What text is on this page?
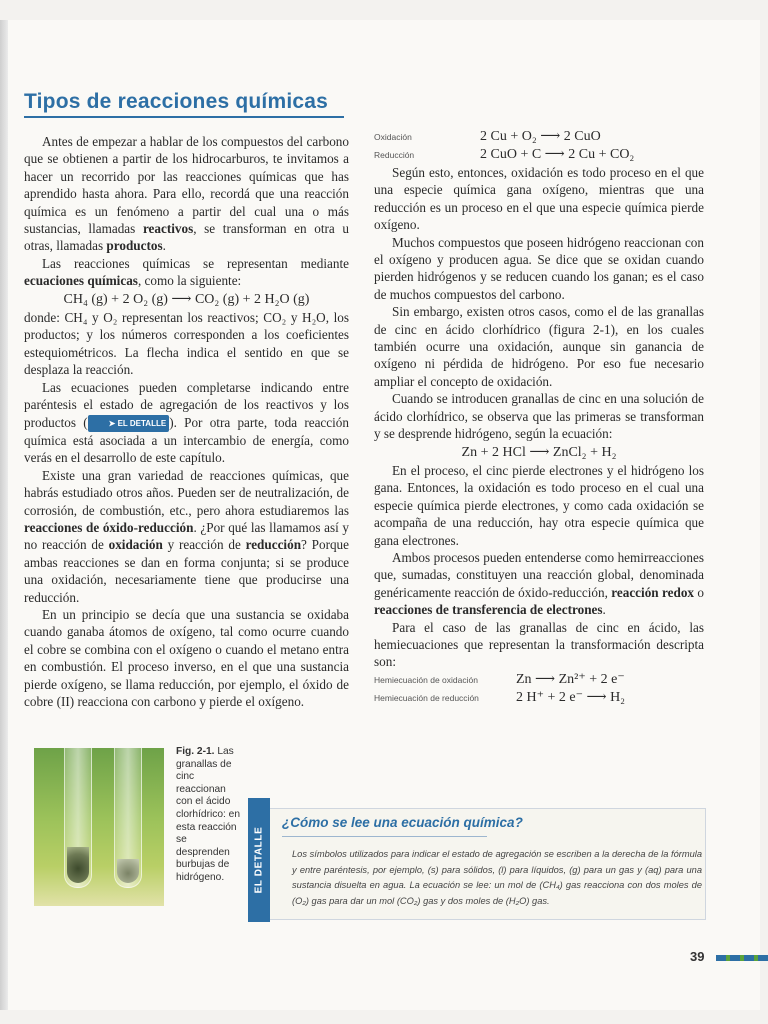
Tipos de reacciones químicas

Antes de empezar a hablar de los compuestos del carbono que se obtienen a partir de los hidrocarburos, te invitamos a hacer un recorrido por las reacciones químicas que has aprendido hasta ahora. Para ello, recordá que una reacción química es un fenómeno a partir del cual una o más sustancias, llamadas reactivos, se transforman en otra u otras, llamadas productos.

Las reacciones químicas se representan mediante ecuaciones químicas, como la siguiente:

CH₄ (g) + 2 O₂ (g) ⟶ CO₂ (g) + 2 H₂O (g)

donde: CH₄ y O₂ representan los reactivos; CO₂ y H₂O, los productos; y los números corresponden a los coeficientes estequiométricos. La flecha indica el sentido en que se desplaza la reacción.

Las ecuaciones pueden completarse indicando entre paréntesis el estado de agregación de los reactivos y los productos (	➤ EL DETALLE ). Por otra parte, toda reacción química está asociada a un intercambio de energía, como verás en el desarrollo de este capítulo.

Existe una gran variedad de reacciones químicas, que habrás estudiado otros años. Pueden ser de neutralización, de corrosión, de combustión, etc., pero ahora estudiaremos las reacciones de óxido-reducción. ¿Por qué las llamamos así y no reacción de oxidación y reacción de reducción? Porque ambas reacciones se dan en forma conjunta; si se produce una oxidación, necesariamente tiene que producirse una reducción.

En un principio se decía que una sustancia se oxidaba cuando ganaba átomos de oxígeno, tal como ocurre cuando el cobre se combina con el oxígeno o cuando el metano entra en combustión. El proceso inverso, en el que una sustancia pierde oxígeno, se llama reducción, por ejemplo, el óxido de cobre (II) reacciona con carbono y pierde el oxígeno.

Oxidación	2 Cu + O₂ ⟶ 2 CuO
Reducción	2 CuO + C ⟶ 2 Cu + CO₂

Según esto, entonces, oxidación es todo proceso en el que una especie química gana oxígeno, mientras que una reducción es un proceso en el que una especie química pierde oxígeno.

Muchos compuestos que poseen hidrógeno reaccionan con el oxígeno y producen agua. Se dice que se oxidan cuando pierden hidrógenos y se reducen cuando los ganan; es el caso de muchos compuestos del carbono.

Sin embargo, existen otros casos, como el de las granallas de cinc en ácido clorhídrico (figura 2-1), en los cuales también ocurre una oxidación, aunque sin ganancia de oxígeno ni pérdida de hidrógeno. Por eso fue necesario ampliar el concepto de oxidación.

Cuando se introducen granallas de cinc en una solución de ácido clorhídrico, se observa que las primeras se transforman y se desprende hidrógeno, según la ecuación:

Zn + 2 HCl ⟶ ZnCl₂ + H₂

En el proceso, el cinc pierde electrones y el hidrógeno los gana. Entonces, la oxidación es todo proceso en el cual una especie química pierde electrones, y como cada oxidación se acompaña de una reducción, hay otra especie química que gana electrones.

Ambos procesos pueden entenderse como hemirreacciones que, sumadas, constituyen una reacción global, denominada genéricamente reacción de óxido-reducción, reacción redox o reacciones de transferencia de electrones.

Para el caso de las granallas de cinc en ácido, las hemiecuaciones que representan la transformación descripta son:

Hemiecuación de oxidación	Zn ⟶ Zn²⁺ + 2 e⁻
Hemiecuación de reducción	2 H⁺ + 2 e⁻ ⟶ H₂
Fig. 2-1. Las granallas de cinc reaccionan con el ácido clorhídrico: en esta reacción se desprenden burbujas de hidrógeno.	EL DETALLE
¿Cómo se lee una ecuación química?

Los símbolos utilizados para indicar el estado de agregación se escriben a la derecha de la fórmula y entre paréntesis, por ejemplo, (s) para sólidos, (l) para líquidos, (g) para un gas y (aq) para una sustancia disuelta en agua. La ecuación se lee: un mol de (CH₄) gas reacciona con dos moles de (O₂) gas para dar un mol (CO₂) gas y dos moles de (H₂O) gas.

39
